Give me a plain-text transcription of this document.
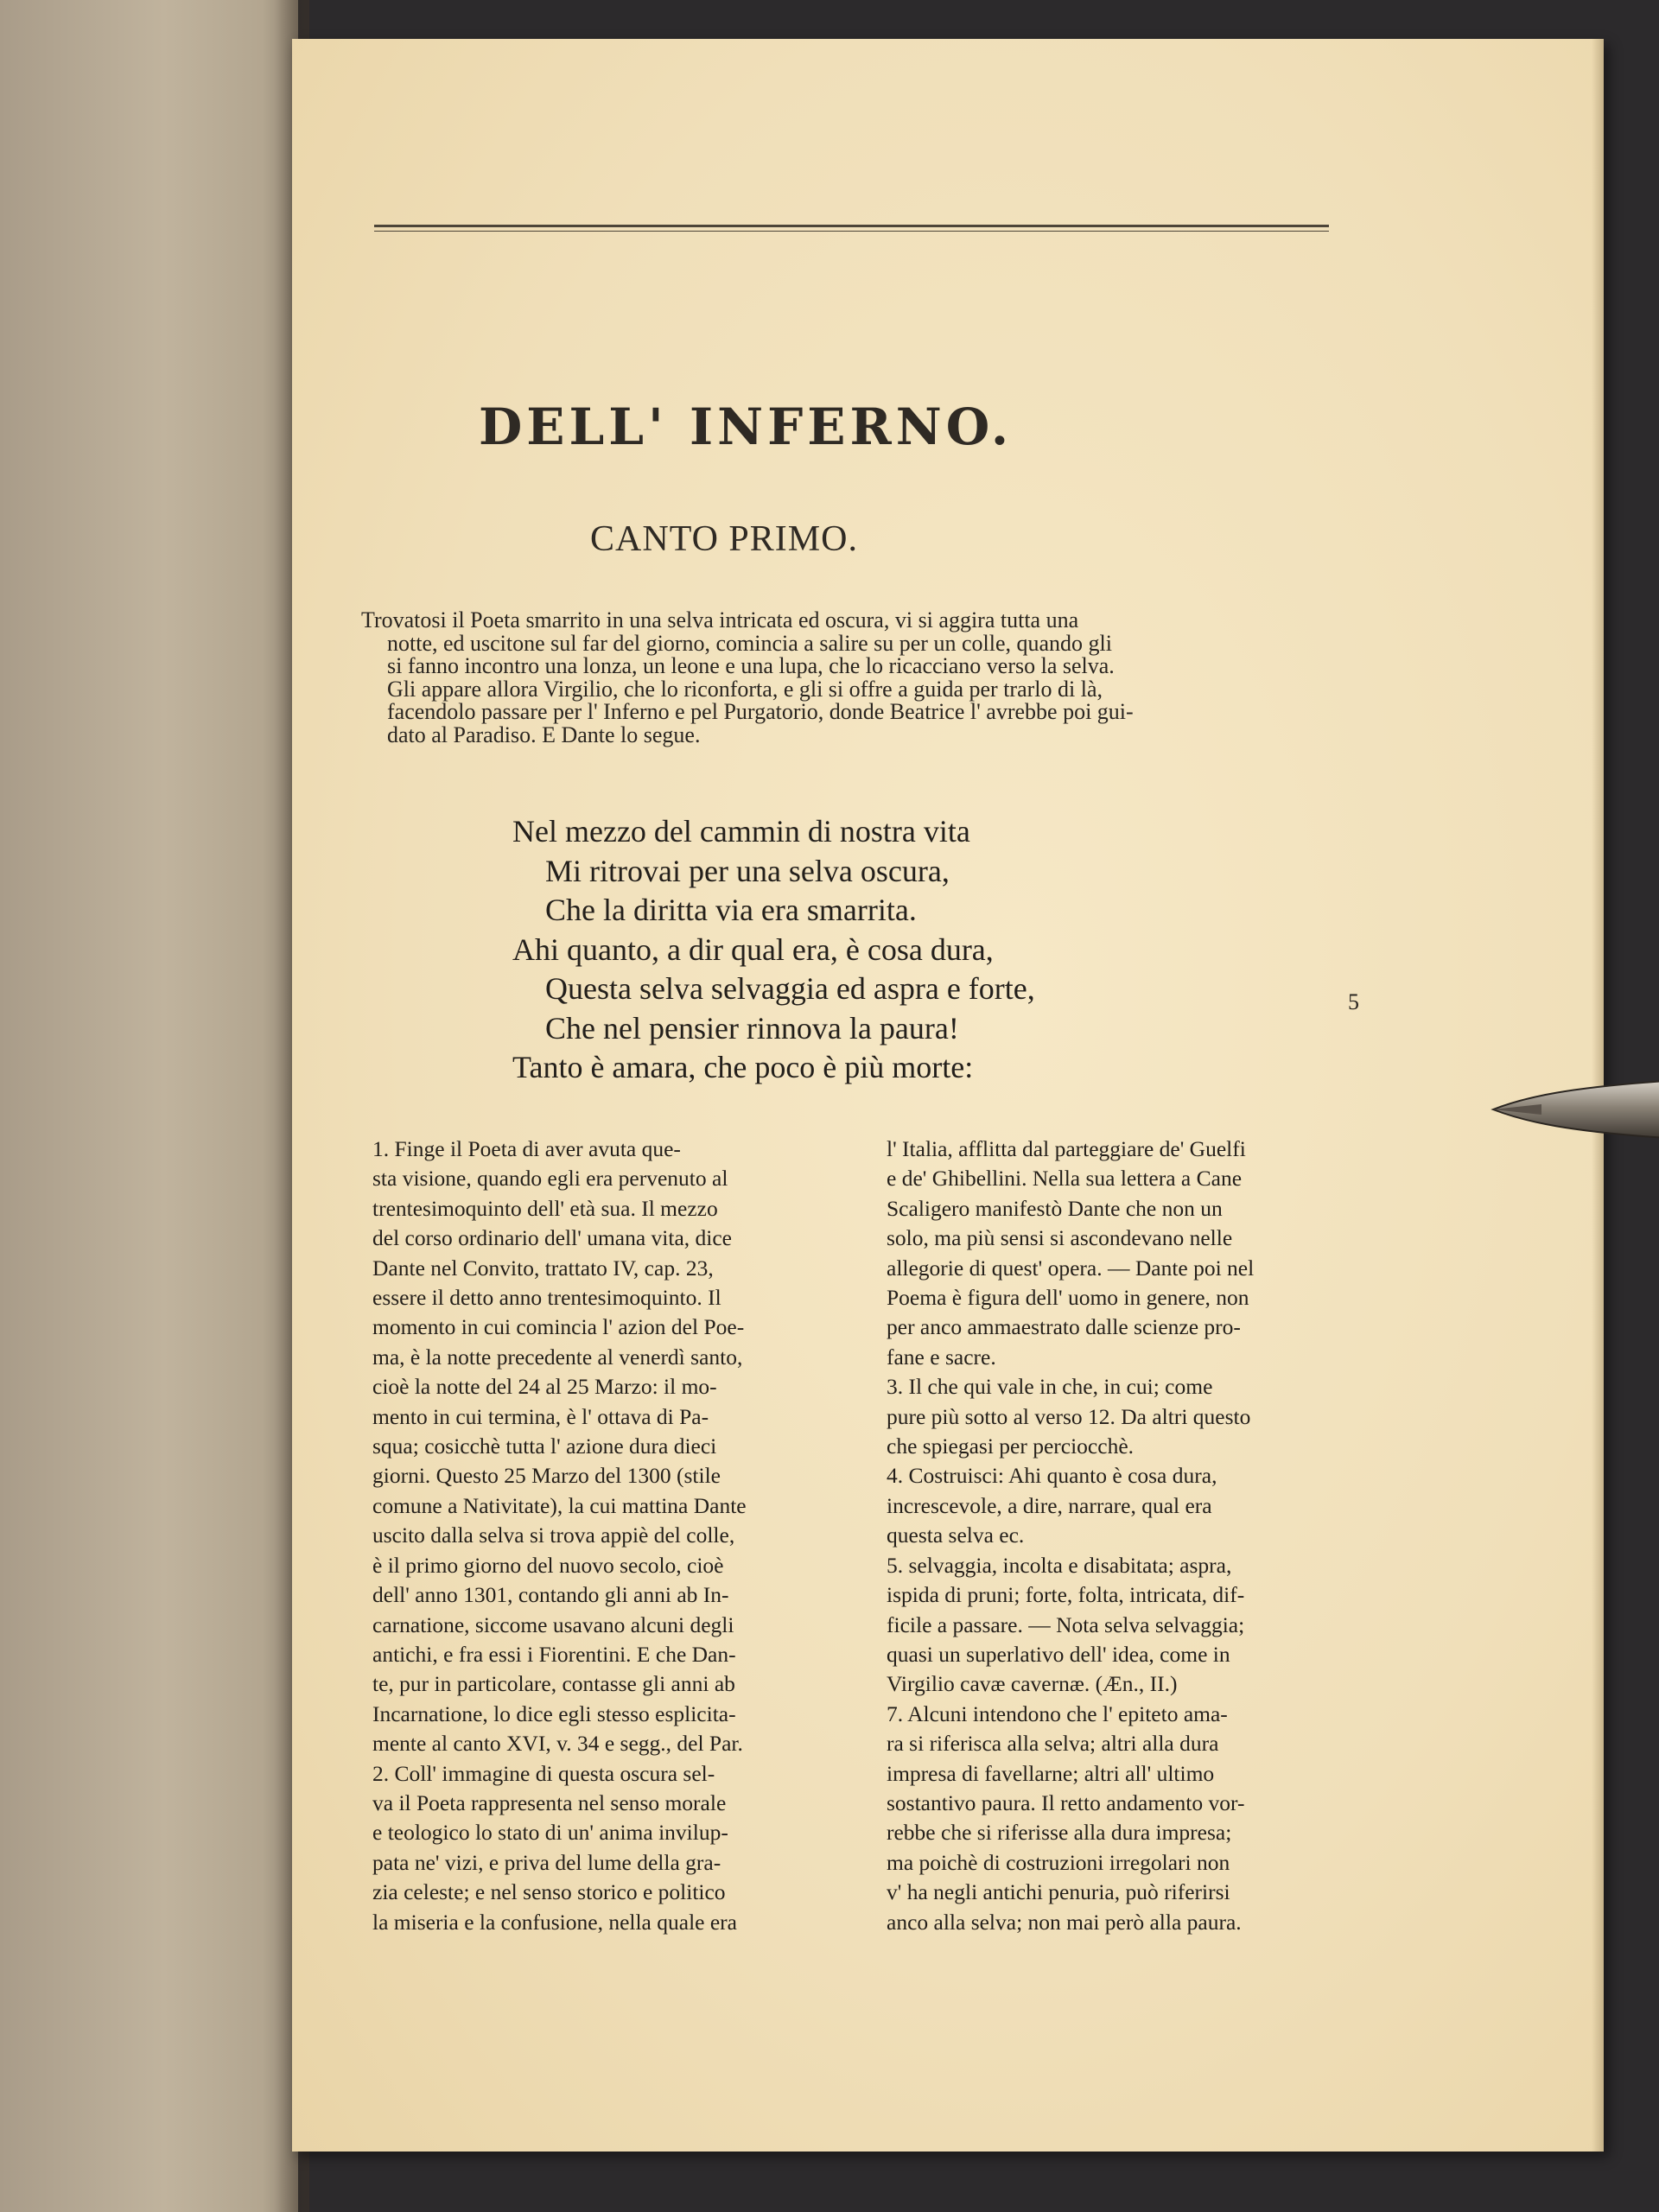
DELL' INFERNO.
CANTO PRIMO.
Trovatosi il Poeta smarrito in una selva intricata ed oscura, vi si aggira tutta una
notte, ed uscitone sul far del giorno, comincia a salire su per un colle, quando gli
si fanno incontro una lonza, un leone e una lupa, che lo ricacciano verso la selva.
Gli appare allora Virgilio, che lo riconforta, e gli si offre a guida per trarlo di là,
facendolo passare per l' Inferno e pel Purgatorio, donde Beatrice l' avrebbe poi gui-
dato al Paradiso. E Dante lo segue.
Nel mezzo del cammin di nostra vita
Mi ritrovai per una selva oscura,
Che la diritta via era smarrita.
Ahi quanto, a dir qual era, è cosa dura,
Questa selva selvaggia ed aspra e forte,
Che nel pensier rinnova la paura!
Tanto è amara, che poco è più morte:
5
1. Finge il Poeta di aver avuta que-
sta visione, quando egli era pervenuto al
trentesimoquinto dell' età sua. Il mezzo
del corso ordinario dell' umana vita, dice
Dante nel Convito, trattato IV, cap. 23,
essere il detto anno trentesimoquinto. Il
momento in cui comincia l' azion del Poe-
ma, è la notte precedente al venerdì santo,
cioè la notte del 24 al 25 Marzo: il mo-
mento in cui termina, è l' ottava di Pa-
squa; cosicchè tutta l' azione dura dieci
giorni. Questo 25 Marzo del 1300 (stile
comune a Nativitate), la cui mattina Dante
uscito dalla selva si trova appiè del colle,
è il primo giorno del nuovo secolo, cioè
dell' anno 1301, contando gli anni ab In-
carnatione, siccome usavano alcuni degli
antichi, e fra essi i Fiorentini. E che Dan-
te, pur in particolare, contasse gli anni ab
Incarnatione, lo dice egli stesso esplicita-
mente al canto XVI, v. 34 e segg., del Par.
2. Coll' immagine di questa oscura sel-
va il Poeta rappresenta nel senso morale
e teologico lo stato di un' anima invilup-
pata ne' vizi, e priva del lume della gra-
zia celeste; e nel senso storico e politico
la miseria e la confusione, nella quale era
l' Italia, afflitta dal parteggiare de' Guelfi
e de' Ghibellini. Nella sua lettera a Cane
Scaligero manifestò Dante che non un
solo, ma più sensi si ascondevano nelle
allegorie di quest' opera. — Dante poi nel
Poema è figura dell' uomo in genere, non
per anco ammaestrato dalle scienze pro-
fane e sacre.
3. Il che qui vale in che, in cui; come
pure più sotto al verso 12. Da altri questo
che spiegasi per perciocchè.
4. Costruisci: Ahi quanto è cosa dura,
increscevole, a dire, narrare, qual era
questa selva ec.
5. selvaggia, incolta e disabitata; aspra,
ispida di pruni; forte, folta, intricata, dif-
ficile a passare. — Nota selva selvaggia;
quasi un superlativo dell' idea, come in
Virgilio cavæ cavernæ. (Æn., II.)
7. Alcuni intendono che l' epiteto ama-
ra si riferisca alla selva; altri alla dura
impresa di favellarne; altri all' ultimo
sostantivo paura. Il retto andamento vor-
rebbe che si riferisse alla dura impresa;
ma poichè di costruzioni irregolari non
v' ha negli antichi penuria, può riferirsi
anco alla selva; non mai però alla paura.
